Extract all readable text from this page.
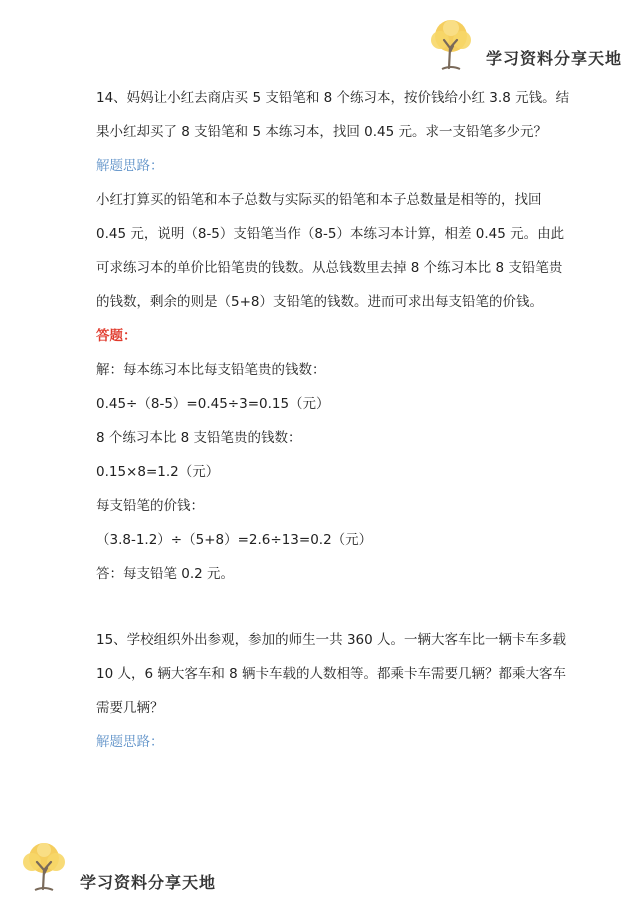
学习资料分享天地
14、妈妈让小红去商店买 5 支铅笔和 8 个练习本，按价钱给小红 3.8 元钱。结
果小红却买了 8 支铅笔和 5 本练习本，找回 0.45 元。求一支铅笔多少元？
解题思路：
小红打算买的铅笔和本子总数与实际买的铅笔和本子总数量是相等的，找回
0.45 元，说明（8-5）支铅笔当作（8-5）本练习本计算，相差 0.45 元。由此
可求练习本的单价比铅笔贵的钱数。从总钱数里去掉 8 个练习本比 8 支铅笔贵
的钱数，剩余的则是（5+8）支铅笔的钱数。进而可求出每支铅笔的价钱。
答题：
解：每本练习本比每支铅笔贵的钱数：
0.45÷（8-5）=0.45÷3=0.15（元）
8 个练习本比 8 支铅笔贵的钱数：
0.15×8=1.2（元）
每支铅笔的价钱：
（3.8-1.2）÷（5+8）=2.6÷13=0.2（元）
答：每支铅笔 0.2 元。
15、学校组织外出参观，参加的师生一共 360 人。一辆大客车比一辆卡车多载
10 人，6 辆大客车和 8 辆卡车载的人数相等。都乘卡车需要几辆？都乘大客车
需要几辆？
解题思路：
学习资料分享天地
